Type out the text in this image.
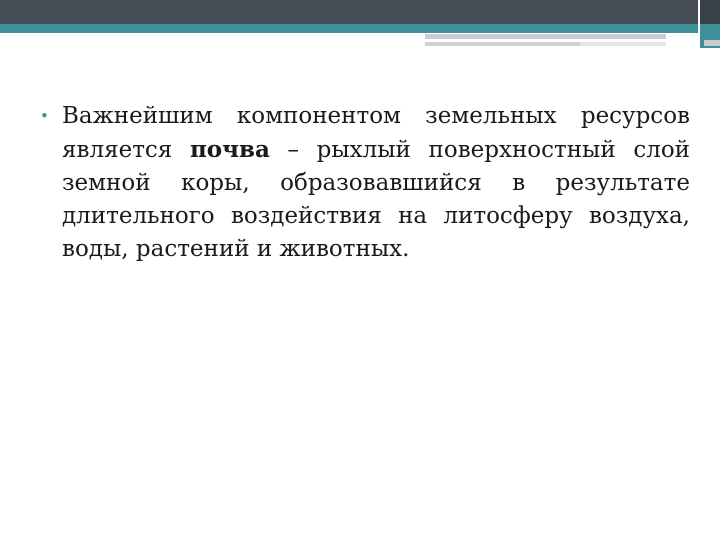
• Важнейшим компонентом земельных ресурсов является почва – рыхлый поверхностный слой земной коры, образовавшийся в результате длительного воздействия на литосферу воздуха, воды, растений и животных.
